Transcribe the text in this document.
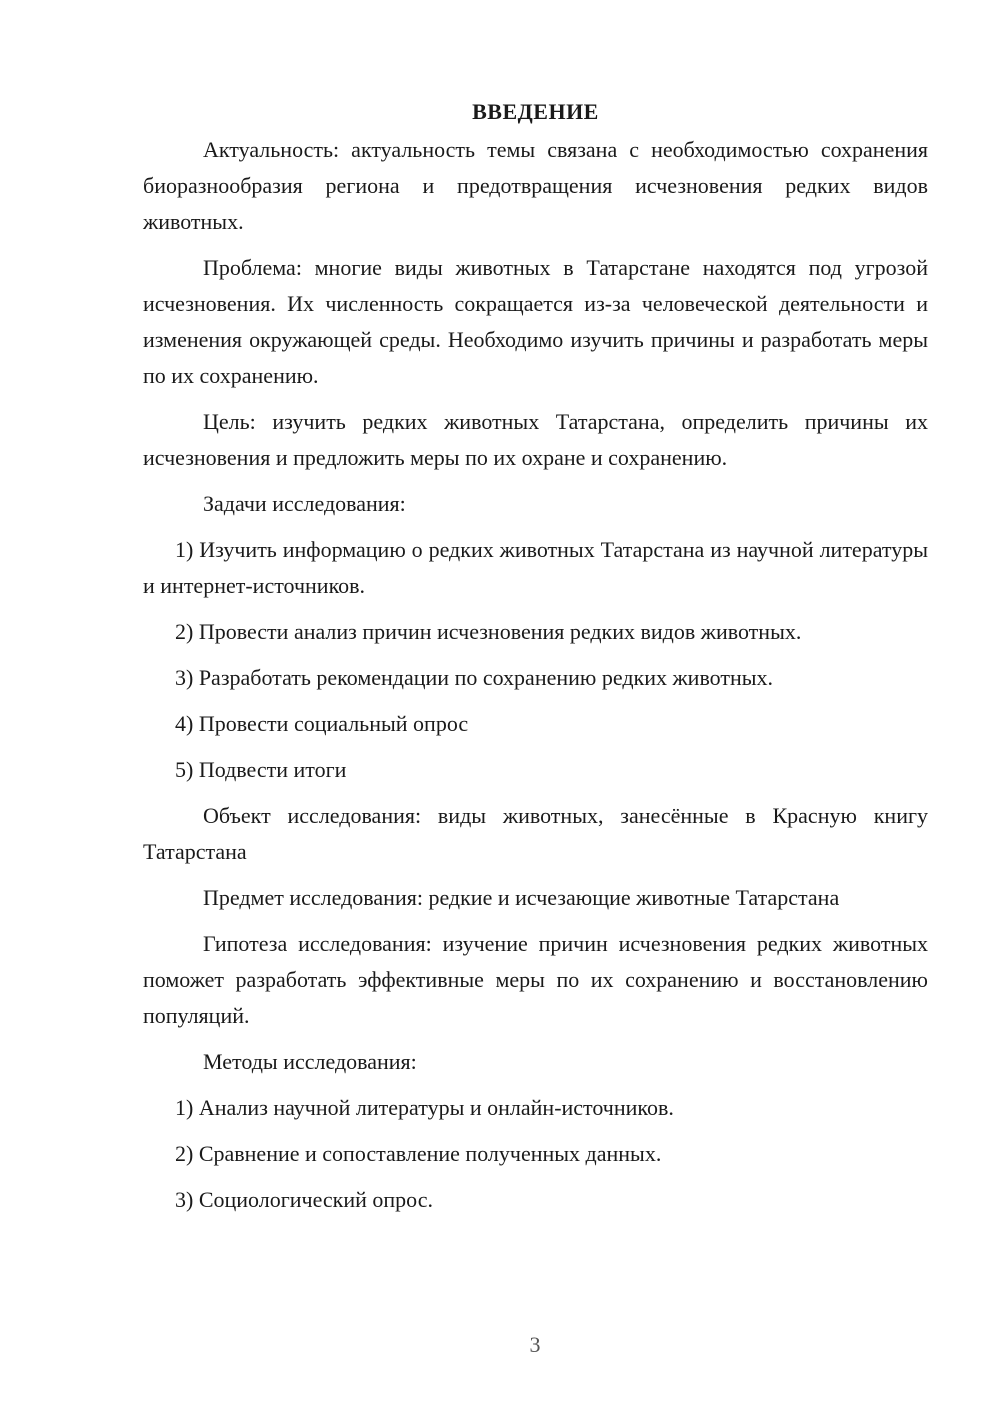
ВВЕДЕНИЕ

Актуальность: актуальность темы связана с необходимостью сохранения биоразнообразия региона и предотвращения исчезновения редких видов животных.

Проблема: многие виды животных в Татарстане находятся под угрозой исчезновения. Их численность сокращается из-за человеческой деятельности и изменения окружающей среды. Необходимо изучить причины и разработать меры по их сохранению.

Цель: изучить редких животных Татарстана, определить причины их исчезновения и предложить меры по их охране и сохранению.

Задачи исследования:

1) Изучить информацию о редких животных Татарстана из научной литературы и интернет-источников.

2) Провести анализ причин исчезновения редких видов животных.

3) Разработать рекомендации по сохранению редких животных.

4) Провести социальный опрос

5) Подвести итоги

Объект исследования: виды животных, занесённые в Красную книгу Татарстана

Предмет исследования: редкие и исчезающие животные Татарстана

Гипотеза исследования: изучение причин исчезновения редких животных поможет разработать эффективные меры по их сохранению и восстановлению популяций.

Методы исследования:

1) Анализ научной литературы и онлайн-источников.

2) Сравнение и сопоставление полученных данных.

3) Социологический опрос.

3
